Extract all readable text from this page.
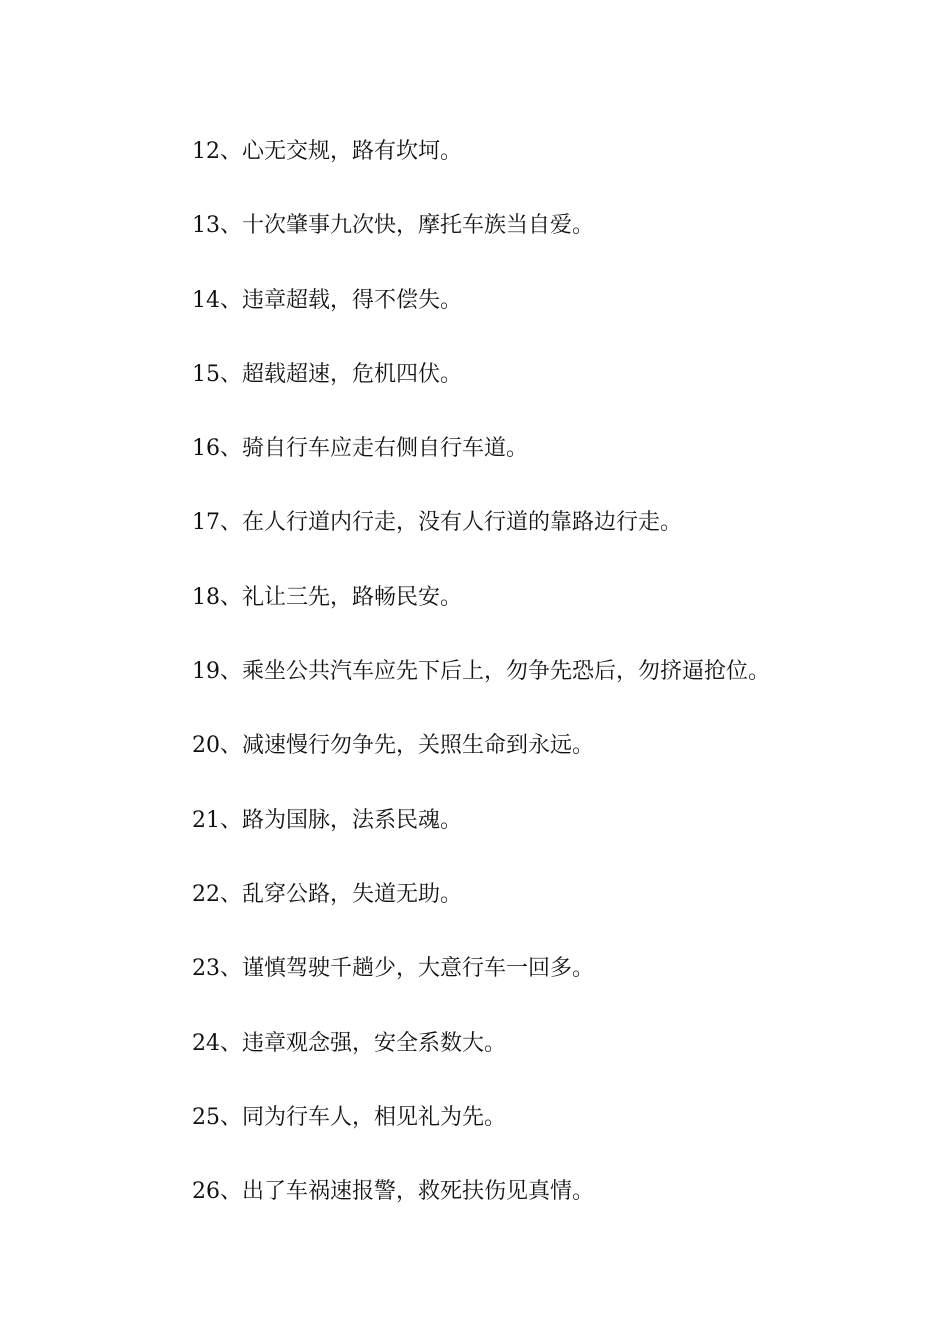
12、心无交规，路有坎坷。
13、十次肇事九次快，摩托车族当自爱。
14、违章超载，得不偿失。
15、超载超速，危机四伏。
16、骑自行车应走右侧自行车道。
17、在人行道内行走，没有人行道的靠路边行走。
18、礼让三先，路畅民安。
19、乘坐公共汽车应先下后上，勿争先恐后，勿挤逼抢位。
20、减速慢行勿争先，关照生命到永远。
21、路为国脉，法系民魂。
22、乱穿公路，失道无助。
23、谨慎驾驶千趟少，大意行车一回多。
24、违章观念强，安全系数大。
25、同为行车人，相见礼为先。
26、出了车祸速报警，救死扶伤见真情。
